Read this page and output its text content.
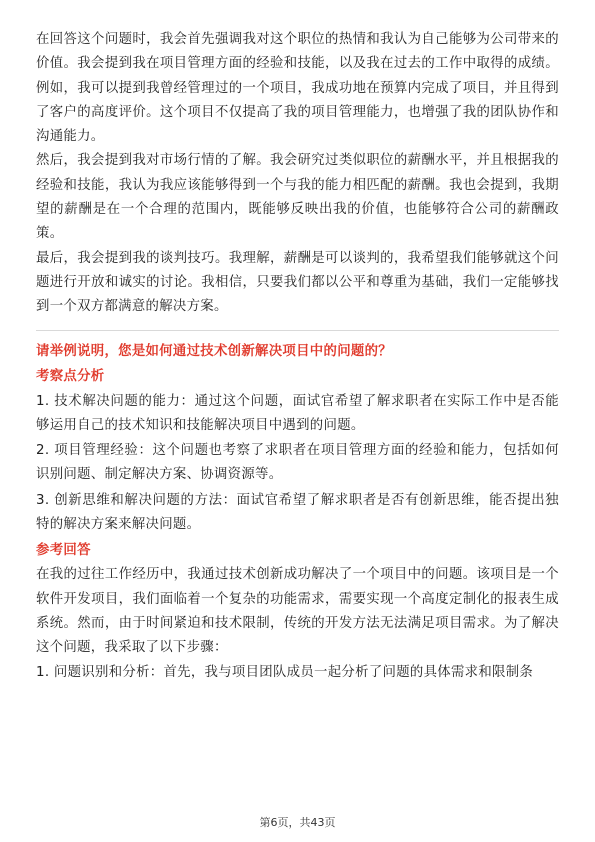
在回答这个问题时，我会首先强调我对这个职位的热情和我认为自己能够为公司带来的价值。我会提到我在项目管理方面的经验和技能，以及我在过去的工作中取得的成绩。例如，我可以提到我曾经管理过的一个项目，我成功地在预算内完成了项目，并且得到了客户的高度评价。这个项目不仅提高了我的项目管理能力，也增强了我的团队协作和沟通能力。

然后，我会提到我对市场行情的了解。我会研究过类似职位的薪酬水平，并且根据我的经验和技能，我认为我应该能够得到一个与我的能力相匹配的薪酬。我也会提到，我期望的薪酬是在一个合理的范围内，既能够反映出我的价值，也能够符合公司的薪酬政策。

最后，我会提到我的谈判技巧。我理解，薪酬是可以谈判的，我希望我们能够就这个问题进行开放和诚实的讨论。我相信，只要我们都以公平和尊重为基础，我们一定能够找到一个双方都满意的解决方案。

请举例说明，您是如何通过技术创新解决项目中的问题的？

考察点分析

1. 技术解决问题的能力：通过这个问题，面试官希望了解求职者在实际工作中是否能够运用自己的技术知识和技能解决项目中遇到的问题。

2. 项目管理经验：这个问题也考察了求职者在项目管理方面的经验和能力，包括如何识别问题、制定解决方案、协调资源等。

3. 创新思维和解决问题的方法：面试官希望了解求职者是否有创新思维，能否提出独特的解决方案来解决问题。

参考回答

在我的过往工作经历中，我通过技术创新成功解决了一个项目中的问题。该项目是一个软件开发项目，我们面临着一个复杂的功能需求，需要实现一个高度定制化的报表生成系统。然而，由于时间紧迫和技术限制，传统的开发方法无法满足项目需求。为了解决这个问题，我采取了以下步骤：

1. 问题识别和分析：首先，我与项目团队成员一起分析了问题的具体需求和限制条

第6页，共43页
